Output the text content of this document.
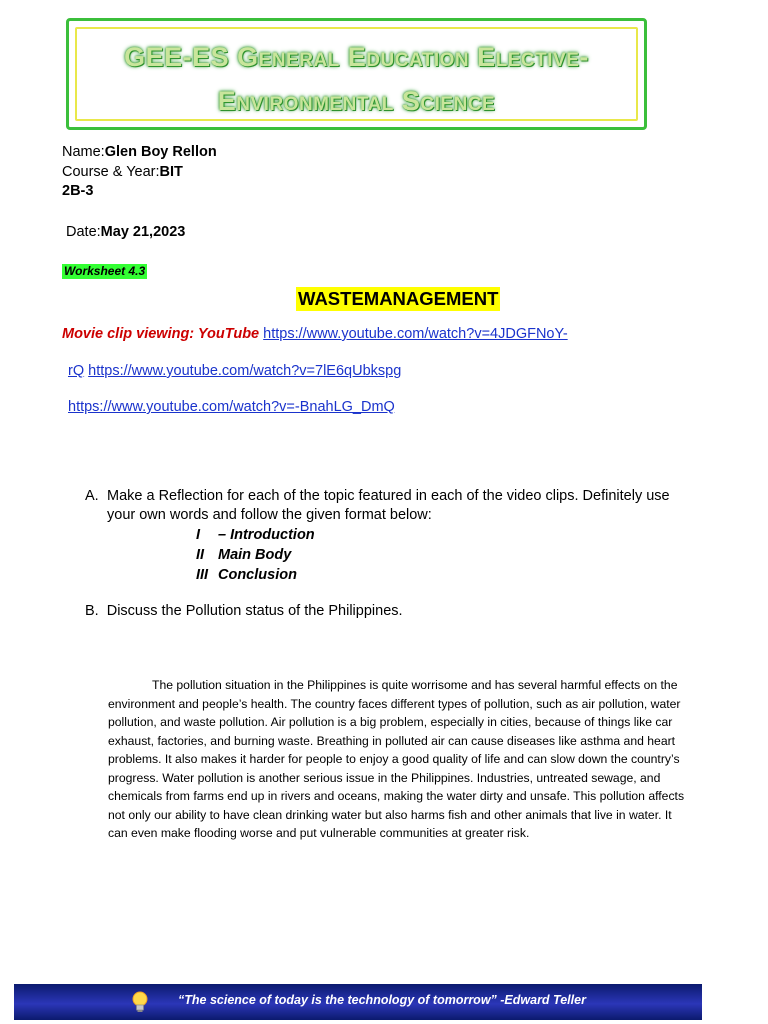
GEE-ES General Education Elective-
Environmental Science
Name:Glen Boy Rellon
Course & Year:BIT
2B-3
Date:May 21,2023
Worksheet 4.3
WASTEMANAGEMENT
Movie clip viewing: YouTube https://www.youtube.com/watch?v=4JDGFNoY-
rQ https://www.youtube.com/watch?v=7lE6qUbkspg
https://www.youtube.com/watch?v=-BnahLG_DmQ
A. Make a Reflection for each of the topic featured in each of the video clips. Definitely use your own words and follow the given format below:
I – Introduction
II Main Body
III Conclusion
B. Discuss the Pollution status of the Philippines.
The pollution situation in the Philippines is quite worrisome and has several harmful effects on the environment and people’s health. The country faces different types of pollution, such as air pollution, water pollution, and waste pollution. Air pollution is a big problem, especially in cities, because of things like car exhaust, factories, and burning waste. Breathing in polluted air can cause diseases like asthma and heart problems. It also makes it harder for people to enjoy a good quality of life and can slow down the country’s progress. Water pollution is another serious issue in the Philippines. Industries, untreated sewage, and chemicals from farms end up in rivers and oceans, making the water dirty and unsafe. This pollution affects not only our ability to have clean drinking water but also harms fish and other animals that live in water. It can even make flooding worse and put vulnerable communities at greater risk.
“The science of today is the technology of tomorrow” -Edward Teller
